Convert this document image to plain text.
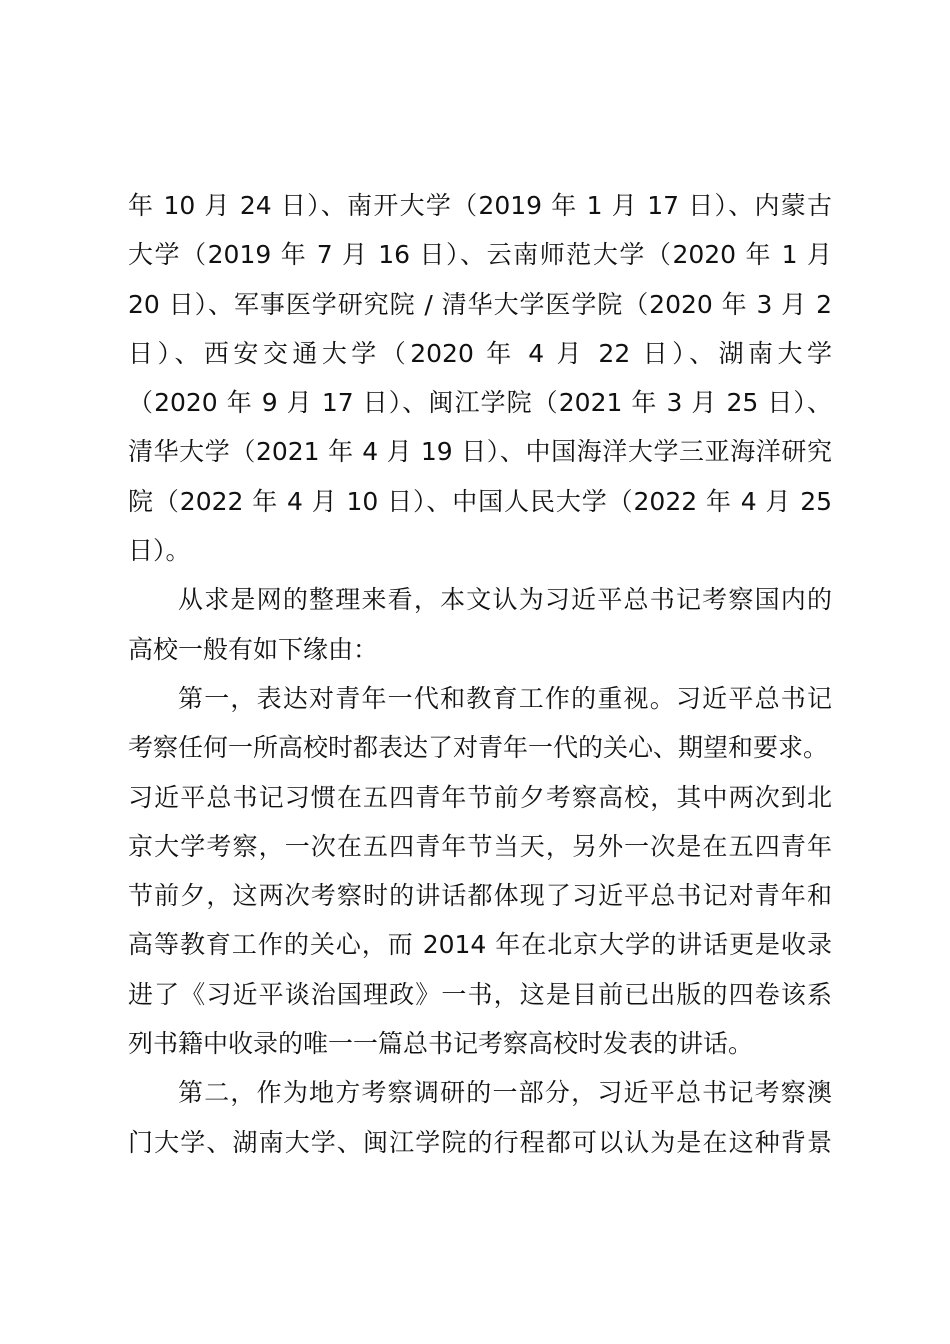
年 10 月 24 日）、南开大学（2019 年 1 月 17 日）、内蒙古
大学（2019 年 7 月 16 日）、云南师范大学（2020 年 1 月
20 日）、军事医学研究院 / 清华大学医学院（2020 年 3 月 2
日）、西安交通大学（2020 年 4 月 22 日）、湖南大学
（2020 年 9 月 17 日）、闽江学院（2021 年 3 月 25 日）、
清华大学（2021 年 4 月 19 日）、中国海洋大学三亚海洋研究
院（2022 年 4 月 10 日）、中国人民大学（2022 年 4 月 25
日）。
从求是网的整理来看，本文认为习近平总书记考察国内的
高校一般有如下缘由：
第一，表达对青年一代和教育工作的重视。习近平总书记
考察任何一所高校时都表达了对青年一代的关心、期望和要求。
习近平总书记习惯在五四青年节前夕考察高校，其中两次到北
京大学考察，一次在五四青年节当天，另外一次是在五四青年
节前夕，这两次考察时的讲话都体现了习近平总书记对青年和
高等教育工作的关心，而 2014 年在北京大学的讲话更是收录
进了《习近平谈治国理政》一书，这是目前已出版的四卷该系
列书籍中收录的唯一一篇总书记考察高校时发表的讲话。
第二，作为地方考察调研的一部分，习近平总书记考察澳
门大学、湖南大学、闽江学院的行程都可以认为是在这种背景
